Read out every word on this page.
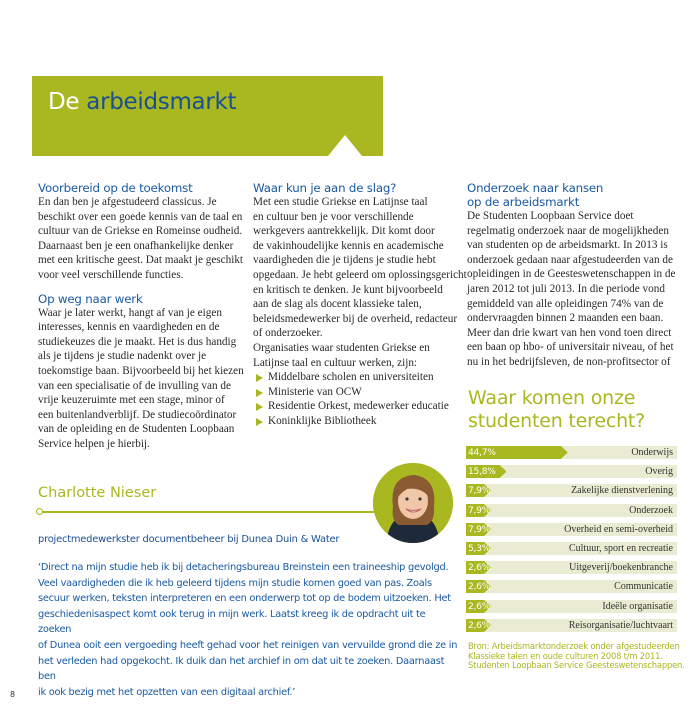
De arbeidsmarkt
Voorbereid op de toekomst

En dan ben je afgestudeerd classicus. Je

beschikt over een goede kennis van de taal en

cultuur van de Griekse en Romeinse oudheid.

Daarnaast ben je een onafhankelijke denker

met een kritische geest. Dat maakt je geschikt

voor veel verschillende functies.

Op weg naar werk

Waar je later werkt, hangt af van je eigen

interesses, kennis en vaardigheden en de

studiekeuzes die je maakt. Het is dus handig

als je tijdens je studie nadenkt over je

toekomstige baan. Bijvoorbeeld bij het kiezen

van een specialisatie of de invulling van de

vrije keuzeruimte met een stage, minor of

een buitenlandverblijf. De studiecoördinator

van de opleiding en de Studenten Loopbaan

Service helpen je hierbij.

Waar kun je aan de slag?

Met een studie Griekse en Latijnse taal

en cultuur ben je voor verschillende

werkgevers aantrekkelijk. Dit komt door

de vakinhoudelijke kennis en academische

vaardigheden die je tijdens je studie hebt

opgedaan. Je hebt geleerd om oplossingsgericht

en kritisch te denken. Je kunt bijvoorbeeld

aan de slag als docent klassieke talen,

beleidsmedewerker bij de overheid, redacteur

of onderzoeker.

Organisaties waar studenten Griekse en

Latijnse taal en cultuur werken, zijn:

Middelbare scholen en universiteiten
Ministerie van OCW
Residentie Orkest, medewerker educatie
Koninklijke Bibliotheek
Onderzoek naar kansen
op de arbeidsmarkt

De Studenten Loopbaan Service doet

regelmatig onderzoek naar de mogelijkheden

van studenten op de arbeidsmarkt. In 2013 is

onderzoek gedaan naar afgestudeerden van de

opleidingen in de Geesteswetenschappen in de

jaren 2012 tot juli 2013. In die periode vond

gemiddeld van alle opleidingen 74% van de

ondervraagden binnen 2 maanden een baan.

Meer dan drie kwart van hen vond toen direct

een baan op hbo- of universitair niveau, of het

nu in het bedrijfsleven, de non-profitsector of

Waar komen onze
studenten terecht?
44,7%	Onderwijs
15,8%	Overig
7,9%	Zakelijke dienstverlening
7,9%	Onderzoek
7,9%	Overheid en semi-overheid
5,3%	Cultuur, sport en recreatie
2,6%	Uitgeverij/boekenbranche
2,6%	Communicatie
2,6%	Ideële organisatie
2,6%	Reisorganisatie/luchtvaart
Bron: Arbeidsmarktonderzoek onder afgestudeerden
Klassieke talen en oude culturen 2008 t/m 2011.
Studenten Loopbaan Service Geesteswetenschappen.
Charlotte Nieser
projectmedewerkster documentbeheer bij Dunea Duin & Water
‘Direct na mijn studie heb ik bij detacheringsbureau Breinstein een traineeship gevolgd.
Veel vaardigheden die ik heb geleerd tijdens mijn studie komen goed van pas. Zoals
secuur werken, teksten interpreteren en een onderwerp tot op de bodem uitzoeken. Het
geschiedenisaspect komt ook terug in mijn werk. Laatst kreeg ik de opdracht uit te zoeken
of Dunea ooit een vergoeding heeft gehad voor het reinigen van vervuilde grond die ze in
het verleden had opgekocht. Ik duik dan het archief in om dat uit te zoeken. Daarnaast ben
ik ook bezig met het opzetten van een digitaal archief.’
8
